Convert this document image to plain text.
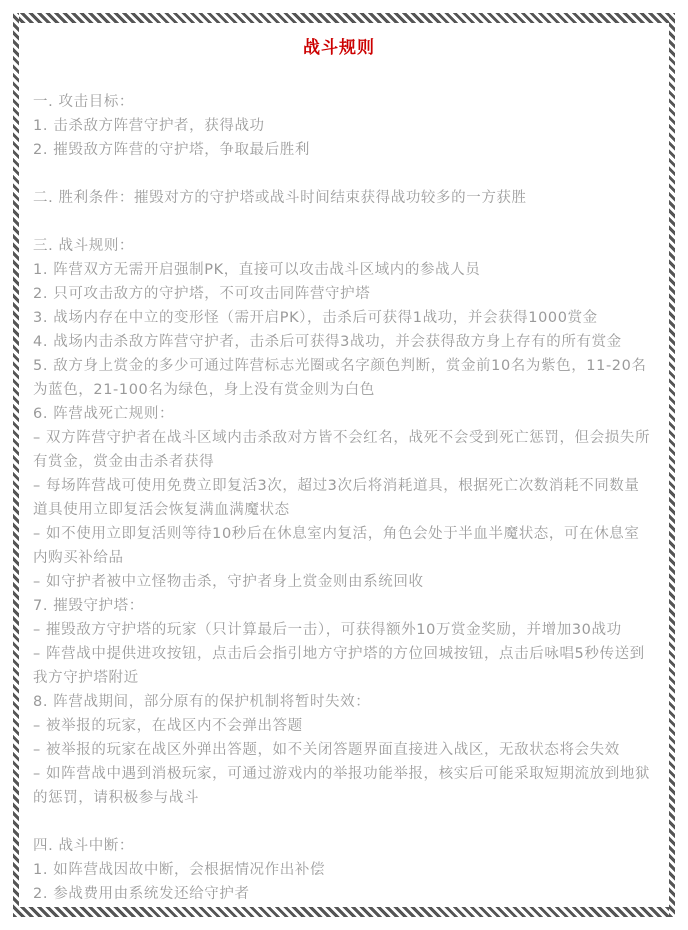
战斗规则
一. 攻击目标：
1. 击杀敌方阵营守护者，获得战功
2. 摧毁敌方阵营的守护塔，争取最后胜利
二. 胜利条件：摧毁对方的守护塔或战斗时间结束获得战功较多的一方获胜
三. 战斗规则：
1. 阵营双方无需开启强制PK，直接可以攻击战斗区域内的参战人员
2. 只可攻击敌方的守护塔，不可攻击同阵营守护塔
3. 战场内存在中立的变形怪（需开启PK），击杀后可获得1战功，并会获得1000赏金
4. 战场内击杀敌方阵营守护者，击杀后可获得3战功，并会获得敌方身上存有的所有赏金
5. 敌方身上赏金的多少可通过阵营标志光圈或名字颜色判断，赏金前10名为紫色，11-20名为蓝色，21-100名为绿色，身上没有赏金则为白色
6. 阵营战死亡规则：
– 双方阵营守护者在战斗区域内击杀敌对方皆不会红名，战死不会受到死亡惩罚，但会损失所有赏金，赏金由击杀者获得
– 每场阵营战可使用免费立即复活3次，超过3次后将消耗道具，根据死亡次数消耗不同数量道具使用立即复活会恢复满血满魔状态
– 如不使用立即复活则等待10秒后在休息室内复活，角色会处于半血半魔状态，可在休息室内购买补给品
– 如守护者被中立怪物击杀，守护者身上赏金则由系统回收
7. 摧毁守护塔：
– 摧毁敌方守护塔的玩家（只计算最后一击），可获得额外10万赏金奖励，并增加30战功
– 阵营战中提供进攻按钮，点击后会指引地方守护塔的方位回城按钮，点击后咏唱5秒传送到我方守护塔附近
8. 阵营战期间，部分原有的保护机制将暂时失效：
– 被举报的玩家，在战区内不会弹出答题
– 被举报的玩家在战区外弹出答题，如不关闭答题界面直接进入战区，无敌状态将会失效
– 如阵营战中遇到消极玩家，可通过游戏内的举报功能举报，核实后可能采取短期流放到地狱的惩罚，请积极参与战斗
四. 战斗中断：
1. 如阵营战因故中断，会根据情况作出补偿
2. 参战费用由系统发还给守护者
